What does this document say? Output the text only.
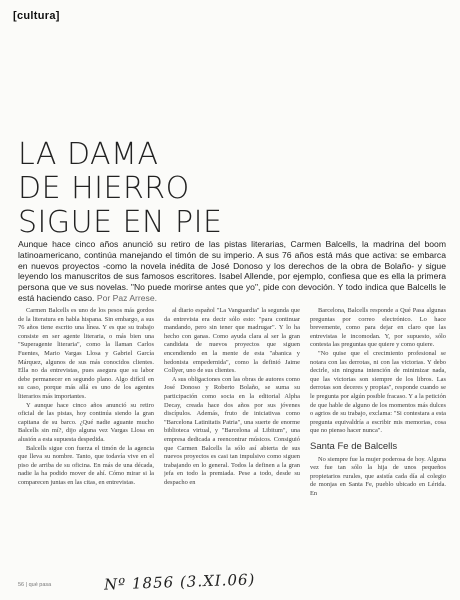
[cultura]
LA DAMA
DE HIERRO
SIGUE EN PIE
Aunque hace cinco años anunció su retiro de las pistas literarias, Carmen Balcells, la madrina del boom latinoamericano, continúa manejando el timón de su imperio. A sus 76 años está más que activa: se embarca en nuevos proyectos -como la novela inédita de José Donoso y los derechos de la obra de Bolaño- y sigue leyendo los manuscritos de sus famosos escritores. Isabel Allende, por ejemplo, confiesa que es ella la primera persona que ve sus novelas. "No puede morirse antes que yo", pide con devoción. Y todo indica que Balcells le está haciendo caso. Por Paz Arrese.

Carmen Balcells es uno de los pesos más gordos de la literatura en habla hispana. Sin embargo, a sus 76 años tiene escrito una línea. Y es que su trabajo consiste en ser agente literaria, o más bien una "Superagente literaria", como la llaman Carlos Fuentes, Mario Vargas Llosa y Gabriel García Márquez, algunos de sus más conocidos clientes. Ella no da entrevistas, pues asegura que su labor debe permanecer en segundo plano. Algo difícil en su caso, porque más allá es uno de los agentes literarios más importantes.

Y aunque hace cinco años anunció su retiro oficial de las pistas, hoy continúa siendo la gran capitana de su barco. ¿Qué nadie aguante mucho Balcells sin mí?, dijo alguna vez Vargas Llosa en alusión a esta supuesta despedida.

Balcells sigue con fuerza el timón de la agencia que lleva su nombre. Tanto, que todavía vive en el piso de arriba de su oficina. En más de una década, nadie la ha podido mover de ahí. Cómo mirar si la comparecen juntas en las citas, en entrevistas.

al diario español "La Vanguardia" la segunda que da entrevista era decir sólo esto: "para continuar mandando, pero sin tener que madrugar". Y lo ha hecho con ganas. Como ayuda clara al ser la gran candidata de nuevos proyectos que siguen encendiendo en la mente de esta "abanica y hedonista empedernida", como la definió Jaime Collyer, uno de sus clientes.

A sus obligaciones con las obras de autores como José Donoso y Roberto Bolaño, se suma su participación como socia en la editorial Alpha Decay, creada hace dos años por sus jóvenes discípulos. Además, fruto de iniciativas como "Barcelona Latinitatis Patria", una suerte de enorme biblioteca virtual, y "Barcelona al Libitum", una empresa dedicada a reencontrar músicos. Consiguió que Carmen Balcells la sólo así abierta de sus nuevos proyectos es casi tan impulsivo como siguen trabajando en lo general. Todos la definen a la gran jefa en todo la premiada. Pese a todo, desde su despacho en

Barcelona, Balcells responde a Qué Pasa algunas preguntas por correo electrónico. Lo hace brevemente, como para dejar en claro que las entrevistas le incomodan. Y, por supuesto, sólo contesta las preguntas que quiere y como quiere.

"No quise que el crecimiento profesional se notara con las derrotas, ni con las victorias. Y debo decirle, sin ninguna intención de minimizar nada, que las victorias son siempre de los libros. Las derrotas son deceres y propias", responde cuando se le pregunta por algún posible fracaso. Y a la petición de que hable de alguno de los momentos más dulces o agrios de su trabajo, exclama: "Si contestara a esta pregunta equivaldría a escribir mis memorias, cosa que no pienso hacer nunca".

Santa Fe de Balcells

No siempre fue la mujer poderosa de hoy. Alguna vez fue tan sólo la hija de unos pequeños propietarios rurales, que asistía cada día al colegio de monjas en Santa Fe, pueblo ubicado en Lérida. En

56 | qué pasa	Nº 1856 (3.XI.06)
